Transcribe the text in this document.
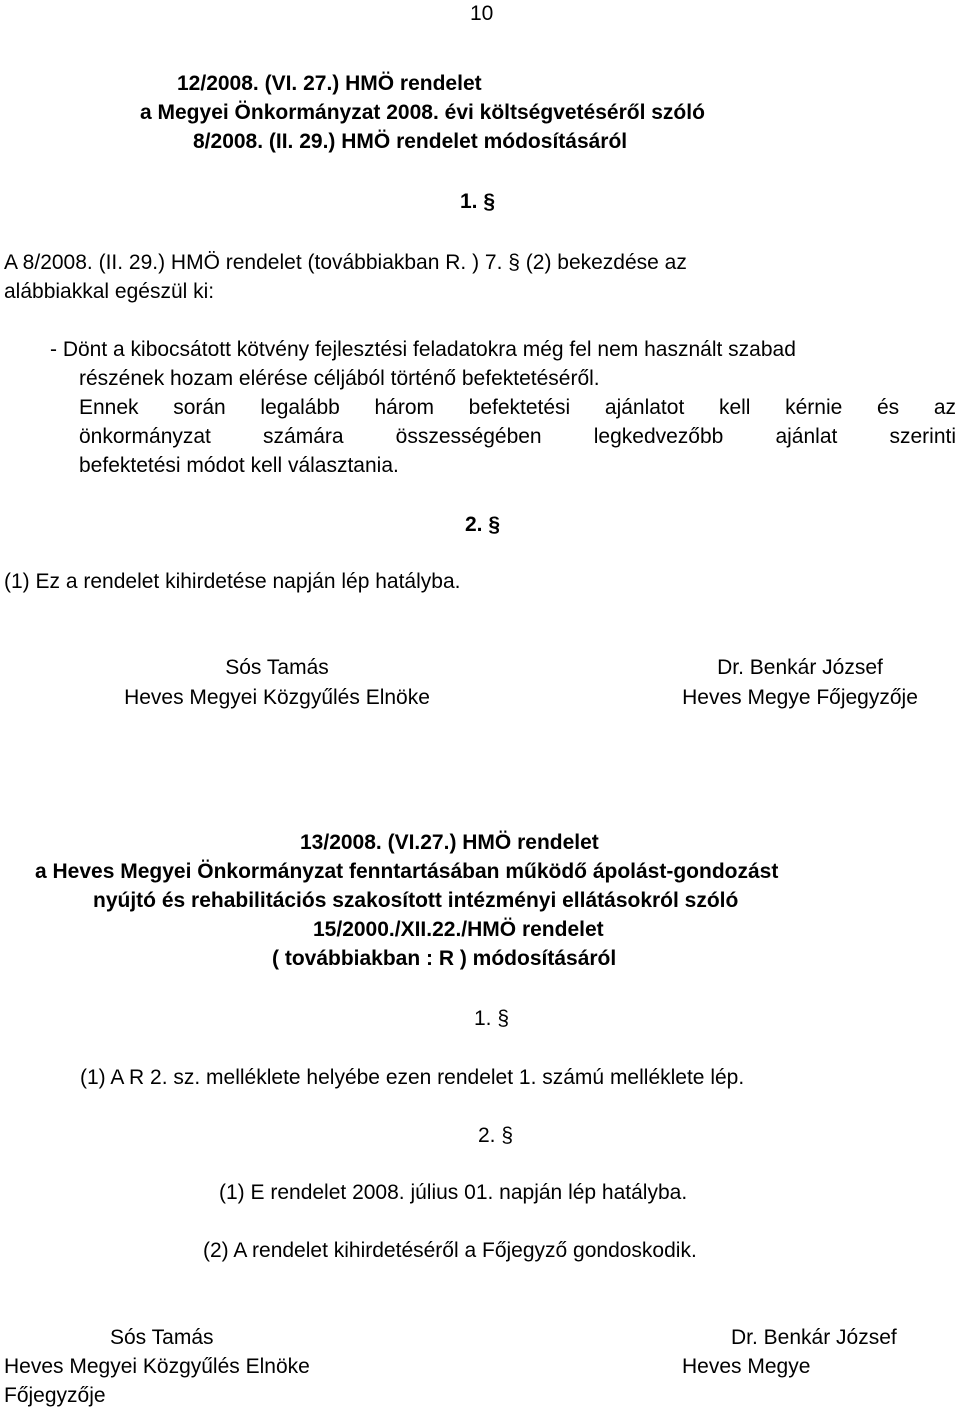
10
12/2008. (VI. 27.) HMÖ rendelet
a Megyei Önkormányzat 2008. évi költségvetéséről szóló
8/2008. (II. 29.) HMÖ rendelet módosításáról
1. §
A 8/2008. (II. 29.) HMÖ rendelet (továbbiakban R. ) 7. § (2) bekezdése az
alábbiakkal egészül ki:
- Dönt a kibocsátott kötvény fejlesztési feladatokra még fel nem használt szabad
részének hozam elérése céljából történő befektetéséről.
Ennek során legalább három befektetési ajánlatot kell kérnie és az
önkormányzat számára összességében legkedvezőbb ajánlat szerinti
befektetési módot kell választania.
2. §
(1) Ez a rendelet kihirdetése napján lép hatályba.
Sós Tamás
Heves Megyei Közgyűlés Elnöke
Dr. Benkár József
Heves Megye Főjegyzője
13/2008. (VI.27.) HMÖ rendelet
a Heves Megyei Önkormányzat fenntartásában működő ápolást-gondozást
nyújtó és rehabilitációs szakosított intézményi ellátásokról szóló
15/2000./XII.22./HMÖ rendelet
( továbbiakban : R ) módosításáról
1. §
(1) A R 2. sz. melléklete helyébe ezen rendelet 1. számú melléklete lép.
2. §
(1) E rendelet 2008. július 01. napján lép hatályba.
(2) A rendelet kihirdetéséről a Főjegyző gondoskodik.
Sós Tamás
Heves Megyei Közgyűlés Elnöke
Főjegyzője
Dr. Benkár József
Heves Megye
